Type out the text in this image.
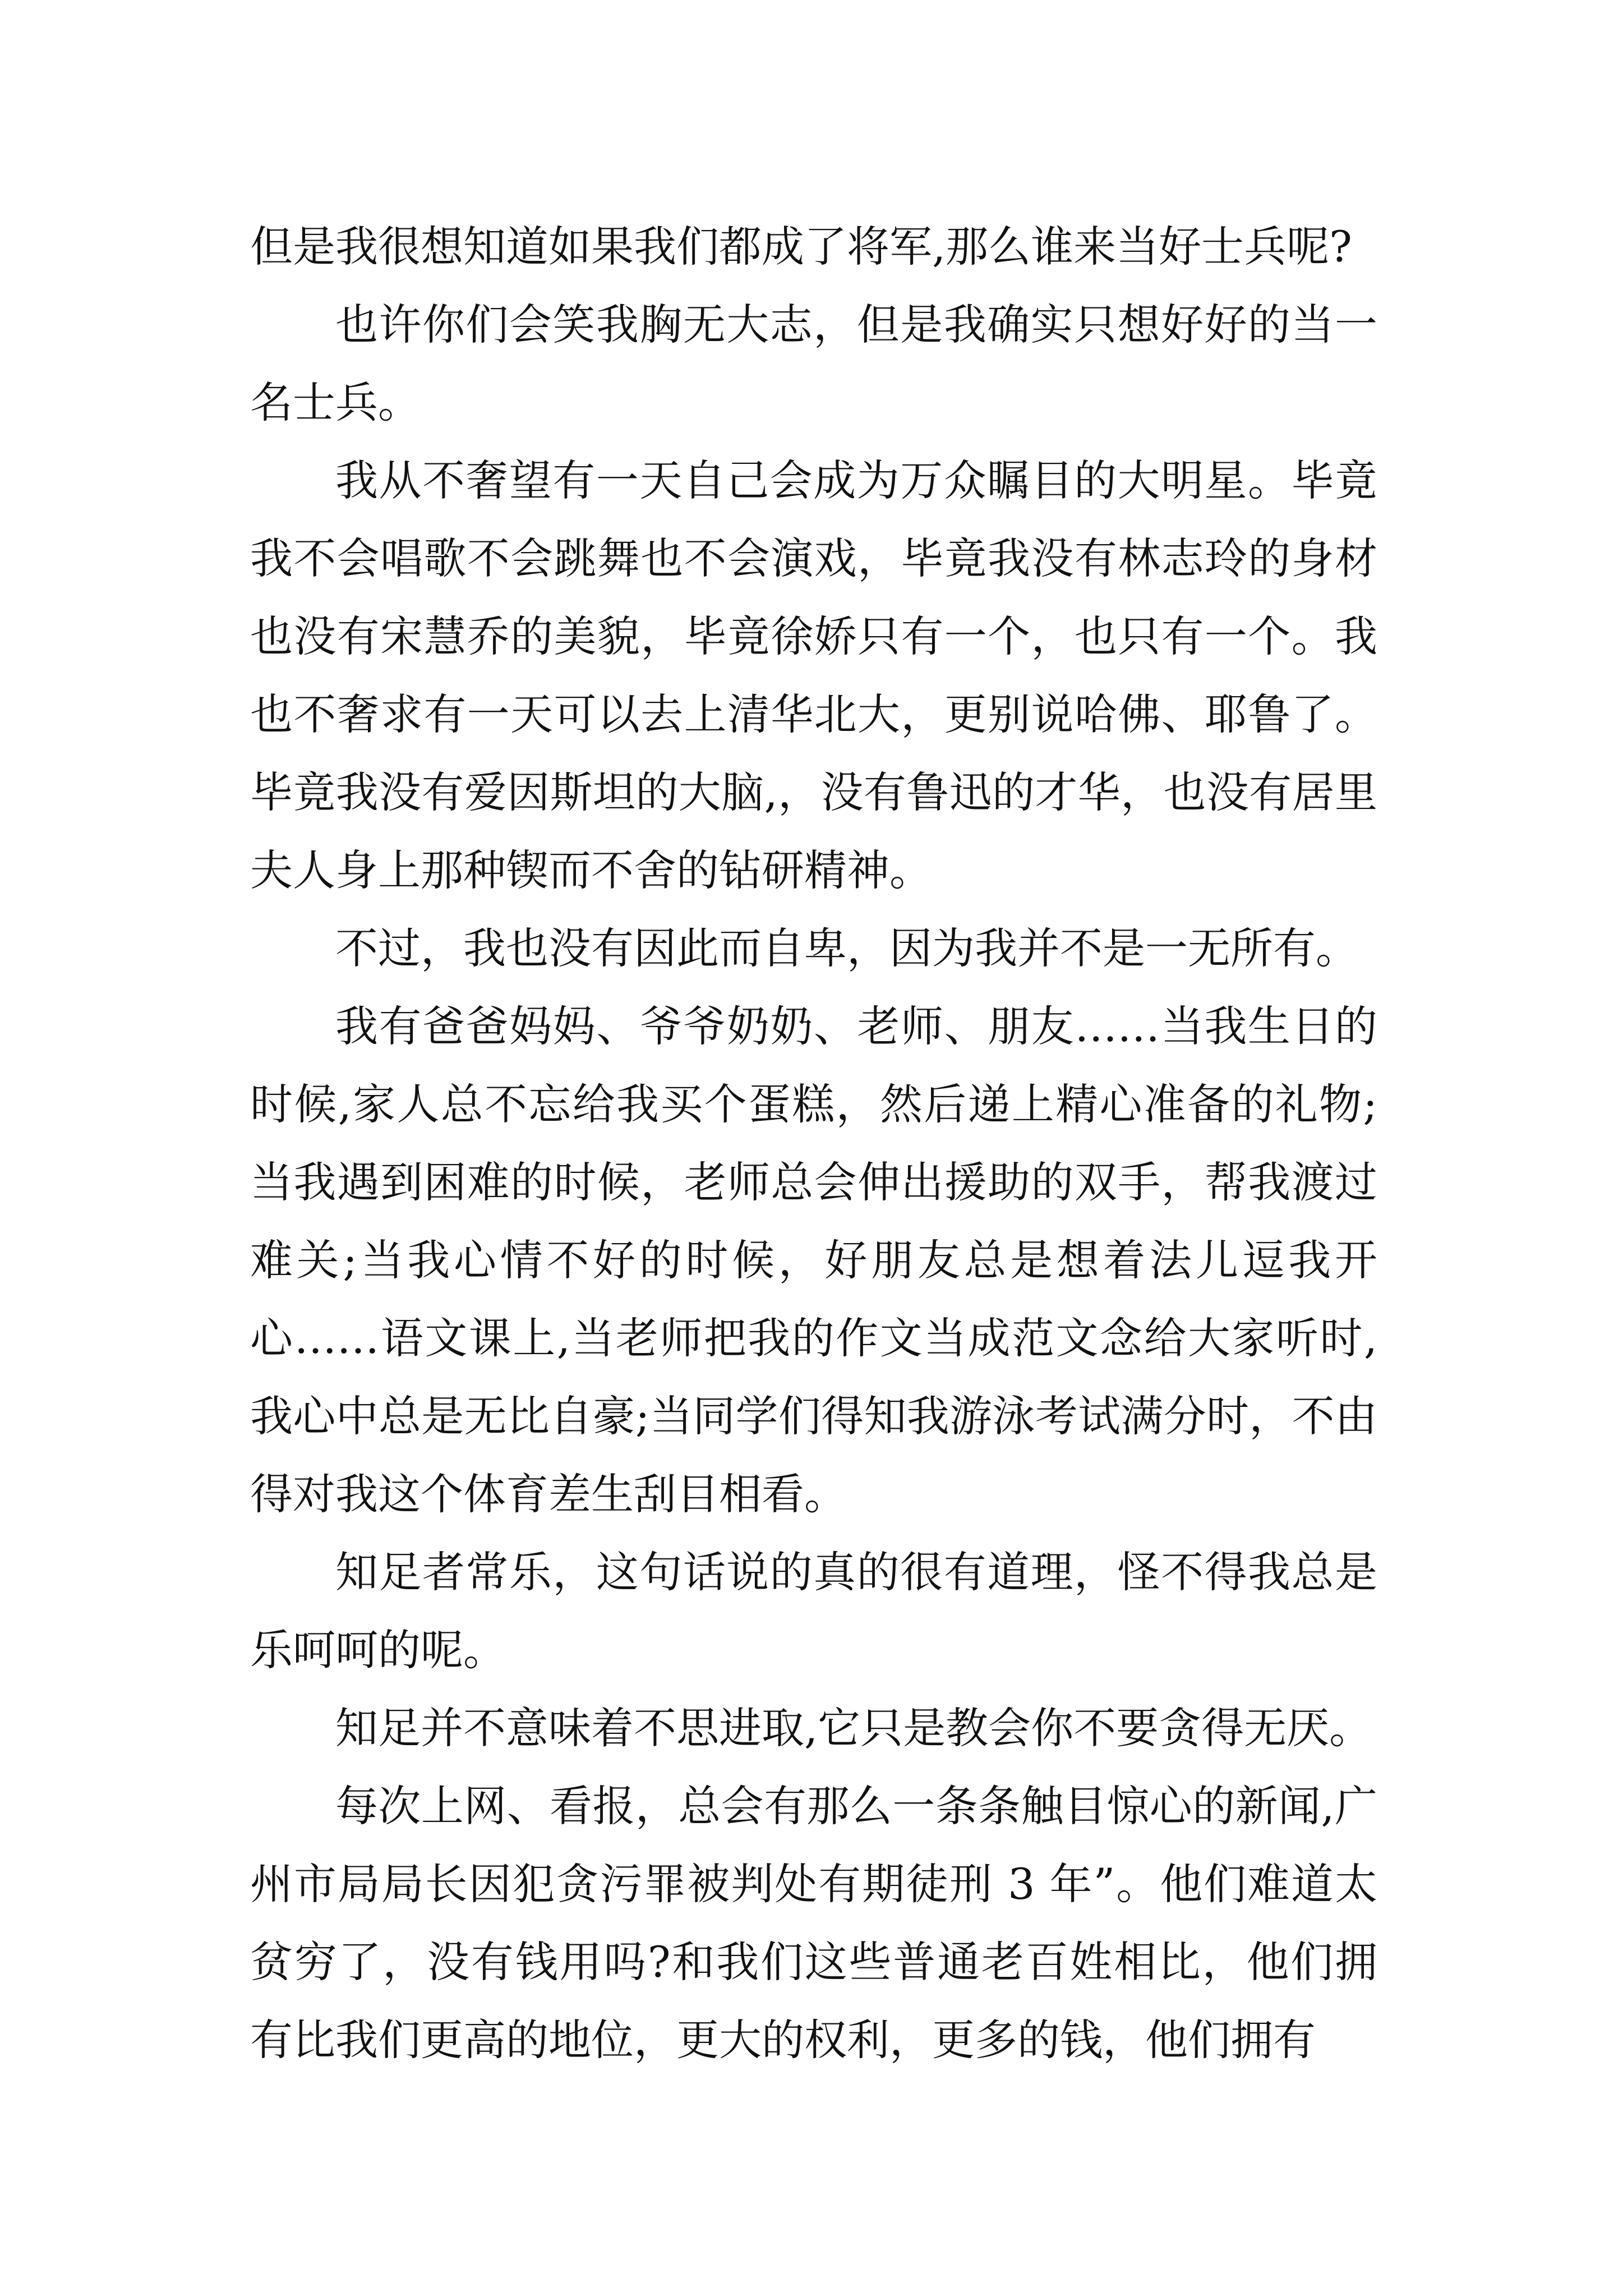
但是我很想知道如果我们都成了将军,那么谁来当好士兵呢?

也许你们会笑我胸无大志，但是我确实只想好好的当一名士兵。

我从不奢望有一天自己会成为万众瞩目的大明星。毕竟我不会唱歌不会跳舞也不会演戏，毕竟我没有林志玲的身材也没有宋慧乔的美貌，毕竟徐娇只有一个，也只有一个。我也不奢求有一天可以去上清华北大，更别说哈佛、耶鲁了。毕竟我没有爱因斯坦的大脑,，没有鲁迅的才华，也没有居里夫人身上那种锲而不舍的钻研精神。

不过，我也没有因此而自卑，因为我并不是一无所有。

我有爸爸妈妈、爷爷奶奶、老师、朋友……当我生日的时候,家人总不忘给我买个蛋糕，然后递上精心准备的礼物;当我遇到困难的时候，老师总会伸出援助的双手，帮我渡过难关;当我心情不好的时候，好朋友总是想着法儿逗我开心……语文课上,当老师把我的作文当成范文念给大家听时,我心中总是无比自豪;当同学们得知我游泳考试满分时，不由得对我这个体育差生刮目相看。

知足者常乐，这句话说的真的很有道理，怪不得我总是乐呵呵的呢。

知足并不意味着不思进取,它只是教会你不要贪得无厌。

每次上网、看报，总会有那么一条条触目惊心的新闻,广州市局局长因犯贪污罪被判处有期徒刑 3 年”。他们难道太贫穷了，没有钱用吗?和我们这些普通老百姓相比，他们拥有比我们更高的地位，更大的权利，更多的钱，他们拥有
